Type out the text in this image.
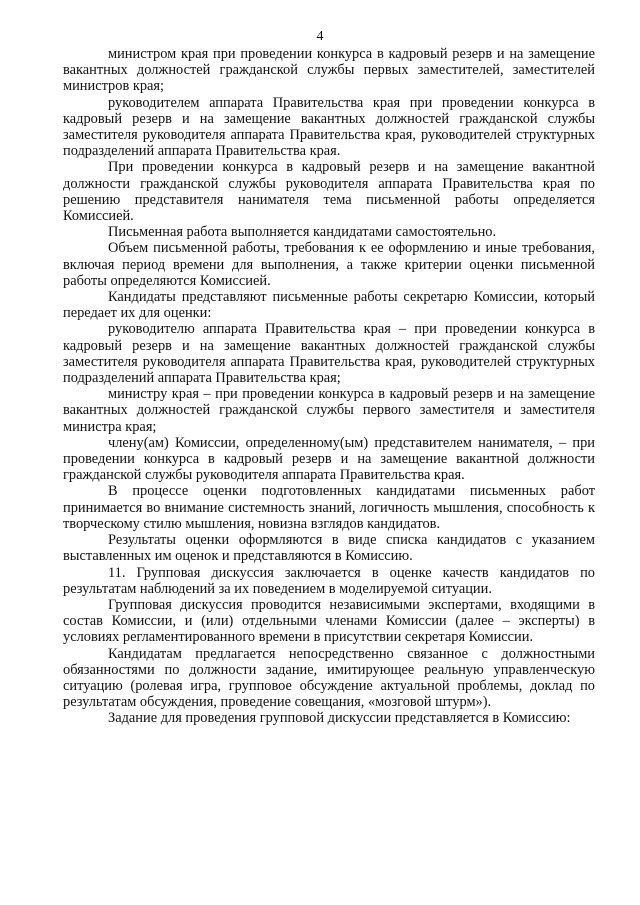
4

министром края при проведении конкурса в кадровый резерв и на замещение вакантных должностей гражданской службы первых заместителей, заместителей министров края;

руководителем аппарата Правительства края при проведении конкурса в кадровый резерв и на замещение вакантных должностей гражданской службы заместителя руководителя аппарата Правительства края, руководителей структурных подразделений аппарата Правительства края.

При проведении конкурса в кадровый резерв и на замещение вакантной должности гражданской службы руководителя аппарата Правительства края по решению представителя нанимателя тема письменной работы определяется Комиссией.

Письменная работа выполняется кандидатами самостоятельно.

Объем письменной работы, требования к ее оформлению и иные требования, включая период времени для выполнения, а также критерии оценки письменной работы определяются Комиссией.

Кандидаты представляют письменные работы секретарю Комиссии, который передает их для оценки:

руководителю аппарата Правительства края – при проведении конкурса в кадровый резерв и на замещение вакантных должностей гражданской службы заместителя руководителя аппарата Правительства края, руководителей структурных подразделений аппарата Правительства края;

министру края – при проведении конкурса в кадровый резерв и на замещение вакантных должностей гражданской службы первого заместителя и заместителя министра края;

члену(ам) Комиссии, определенному(ым) представителем нанимателя, – при проведении конкурса в кадровый резерв и на замещение вакантной должности гражданской службы руководителя аппарата Правительства края.

В процессе оценки подготовленных кандидатами письменных работ принимается во внимание системность знаний, логичность мышления, способность к творческому стилю мышления, новизна взглядов кандидатов.

Результаты оценки оформляются в виде списка кандидатов с указанием выставленных им оценок и представляются в Комиссию.

11. Групповая дискуссия заключается в оценке качеств кандидатов по результатам наблюдений за их поведением в моделируемой ситуации.

Групповая дискуссия проводится независимыми экспертами, входящими в состав Комиссии, и (или) отдельными членами Комиссии (далее – эксперты) в условиях регламентированного времени в присутствии секретаря Комиссии.

Кандидатам предлагается непосредственно связанное с должностными обязанностями по должности задание, имитирующее реальную управленческую ситуацию (ролевая игра, групповое обсуждение актуальной проблемы, доклад по результатам обсуждения, проведение совещания, «мозговой штурм»).

Задание для проведения групповой дискуссии представляется в Комиссию:
